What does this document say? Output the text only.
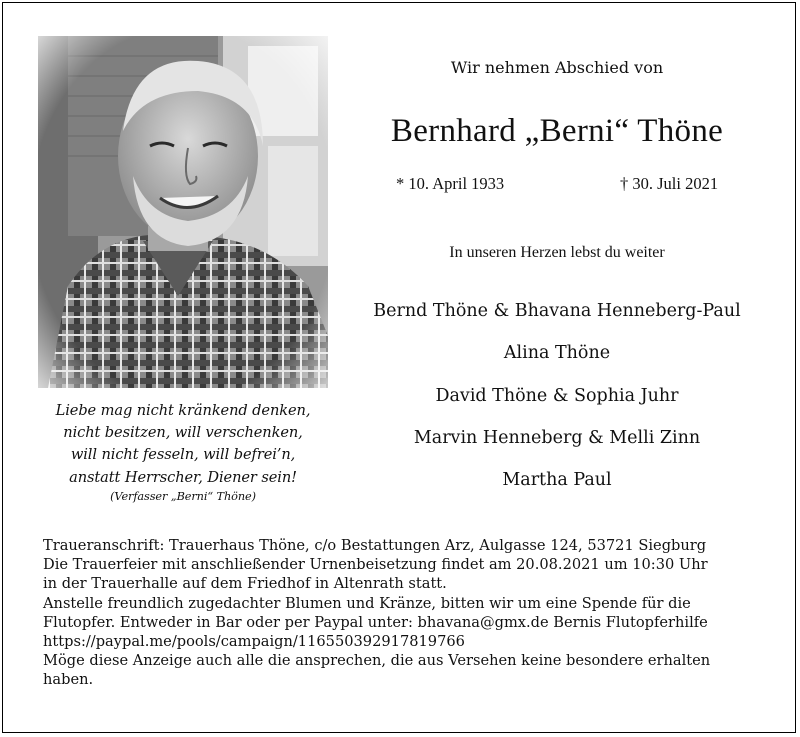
Liebe mag nicht kränkend denken,
nicht besitzen, will verschenken,
will nicht fesseln, will befrei’n,
anstatt Herrscher, Diener sein!
(Verfasser „Berni“ Thöne)
Wir nehmen Abschied von
Bernhard „Berni“ Thöne
* 10. April 1933	† 30. Juli 2021
In unseren Herzen lebst du weiter
Bernd Thöne & Bhavana Henneberg-Paul
Alina Thöne
David Thöne & Sophia Juhr
Marvin Henneberg & Melli Zinn
Martha Paul
Traueranschrift: Trauerhaus Thöne, c/o Bestattungen Arz, Aulgasse 124, 53721 Siegburg
Die Trauerfeier mit anschließender Urnenbeisetzung findet am 20.08.2021 um 10:30 Uhr
in der Trauerhalle auf dem Friedhof in Altenrath statt.
Anstelle freundlich zugedachter Blumen und Kränze, bitten wir um eine Spende für die
Flutopfer. Entweder in Bar oder per Paypal unter: bhavana@gmx.de Bernis Flutopferhilfe
https://paypal.me/pools/campaign/116550392917819766
Möge diese Anzeige auch alle die ansprechen, die aus Versehen keine besondere erhalten
haben.
